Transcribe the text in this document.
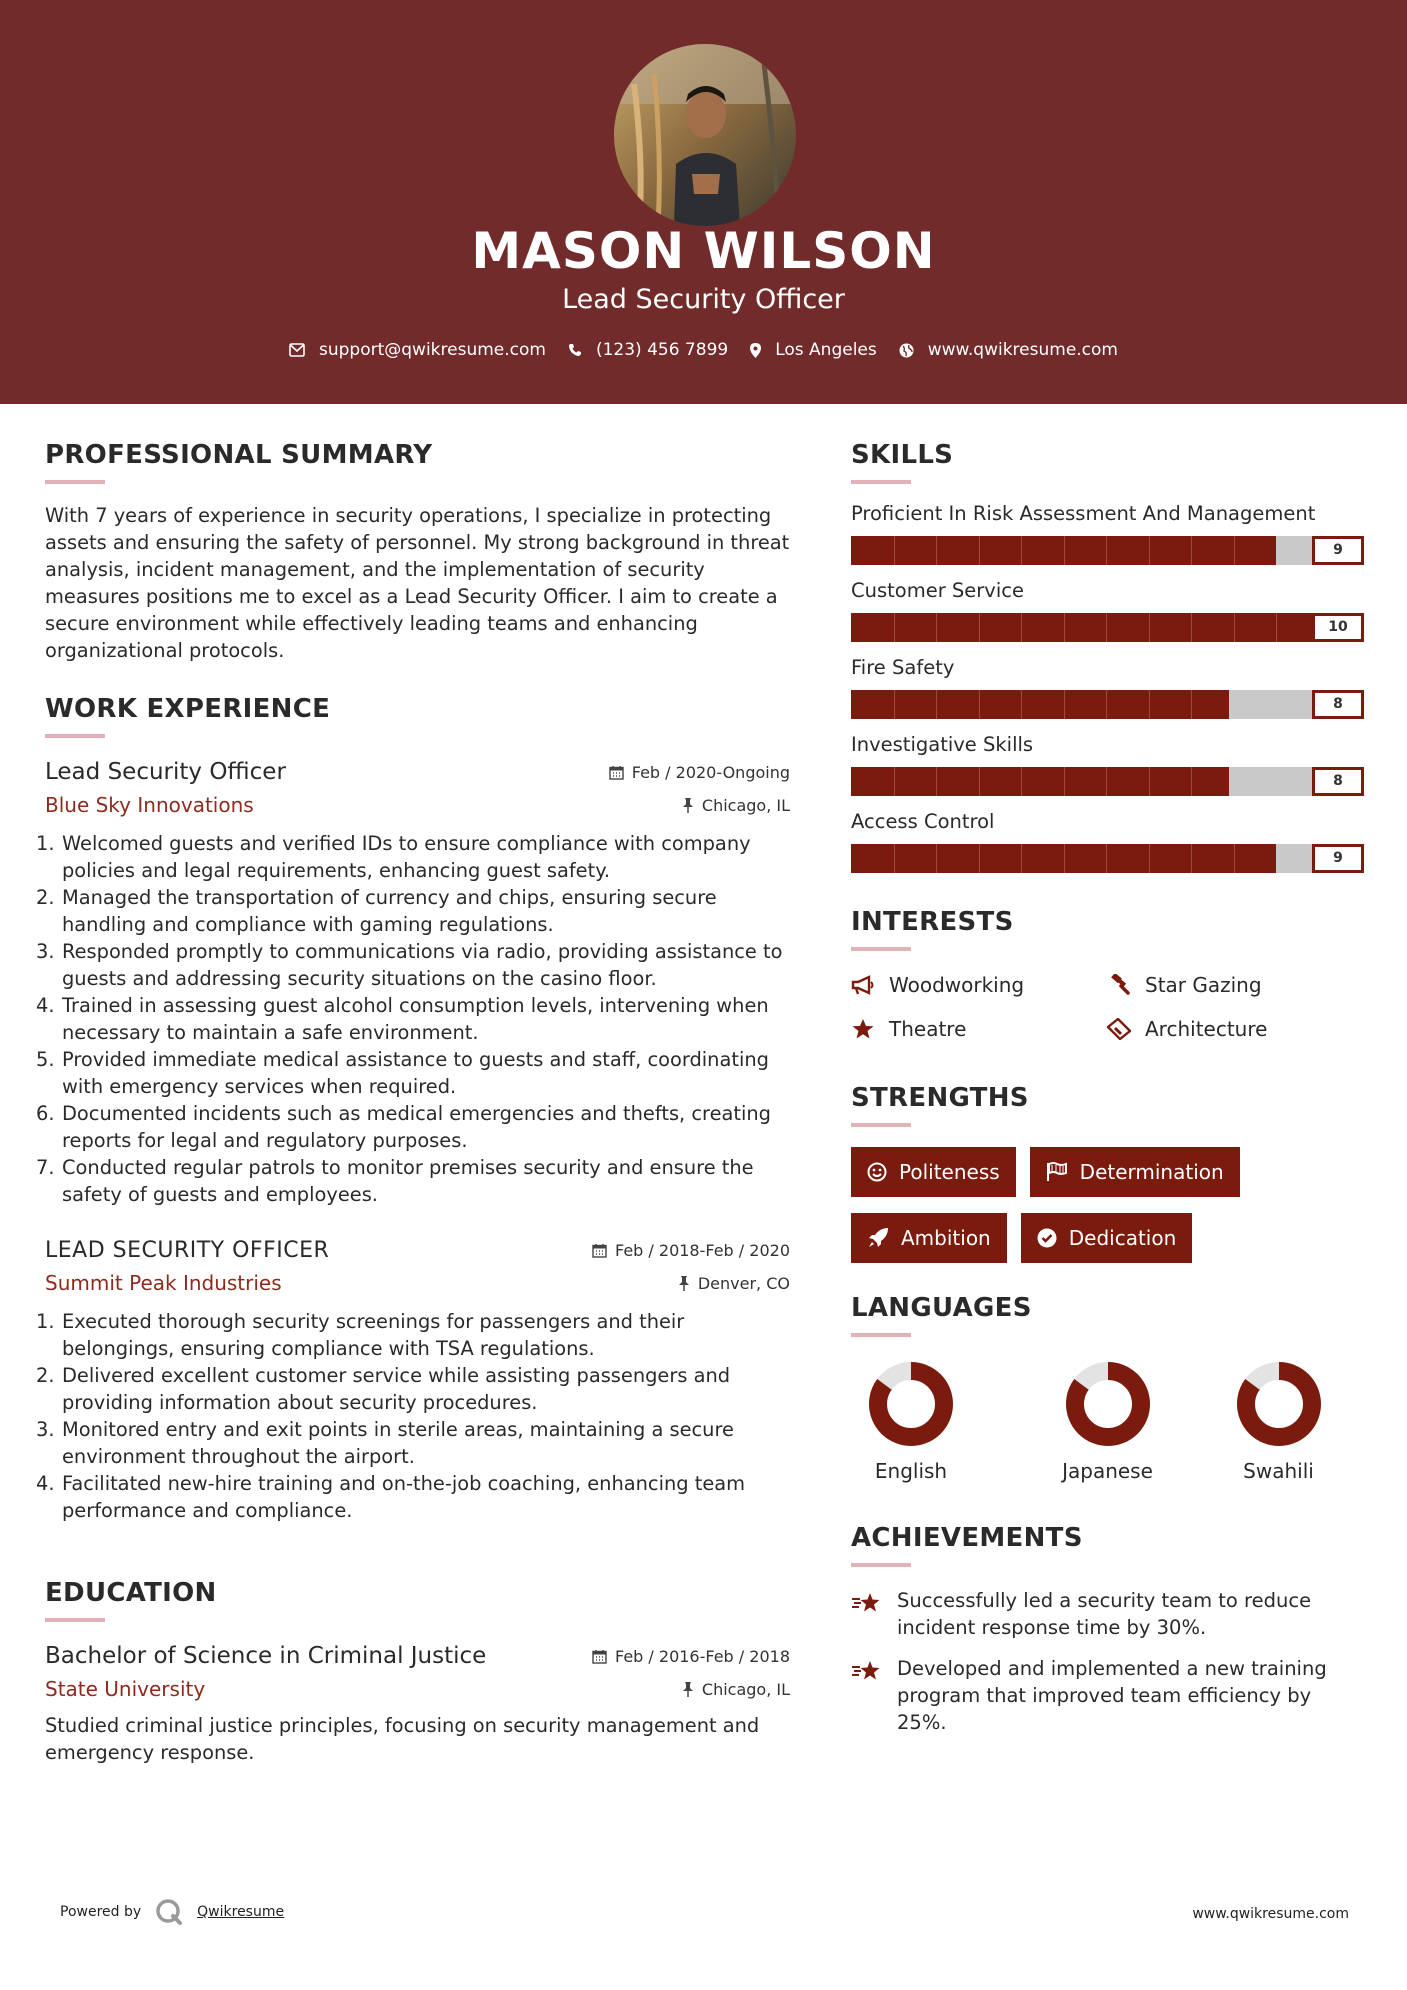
MASON WILSON
Lead Security Officer
support@qwikresume.com	(123) 456 7899	Los Angeles	www.qwikresume.com
PROFESSIONAL SUMMARY
With 7 years of experience in security operations, I specialize in protecting assets and ensuring the safety of personnel. My strong background in threat analysis, incident management, and the implementation of security measures positions me to excel as a Lead Security Officer. I aim to create a secure environment while effectively leading teams and enhancing organizational protocols.
WORK EXPERIENCE
Lead Security Officer	Feb / 2020-Ongoing
Blue Sky Innovations	Chicago, IL
1. Welcomed guests and verified IDs to ensure compliance with company policies and legal requirements, enhancing guest safety.
2. Managed the transportation of currency and chips, ensuring secure handling and compliance with gaming regulations.
3. Responded promptly to communications via radio, providing assistance to guests and addressing security situations on the casino floor.
4. Trained in assessing guest alcohol consumption levels, intervening when necessary to maintain a safe environment.
5. Provided immediate medical assistance to guests and staff, coordinating with emergency services when required.
6. Documented incidents such as medical emergencies and thefts, creating reports for legal and regulatory purposes.
7. Conducted regular patrols to monitor premises security and ensure the safety of guests and employees.
LEAD SECURITY OFFICER	Feb / 2018-Feb / 2020
Summit Peak Industries	Denver, CO
1. Executed thorough security screenings for passengers and their belongings, ensuring compliance with TSA regulations.
2. Delivered excellent customer service while assisting passengers and providing information about security procedures.
3. Monitored entry and exit points in sterile areas, maintaining a secure environment throughout the airport.
4. Facilitated new-hire training and on-the-job coaching, enhancing team performance and compliance.
EDUCATION
Bachelor of Science in Criminal Justice	Feb / 2016-Feb / 2018
State University	Chicago, IL
Studied criminal justice principles, focusing on security management and emergency response.
SKILLS
Proficient In Risk Assessment And Management
9
Customer Service
10
Fire Safety
8
Investigative Skills
8
Access Control
9
INTERESTS
Woodworking	Star Gazing
Theatre	Architecture
STRENGTHS
Politeness	Determination
Ambition	Dedication
LANGUAGES
English	Japanese	Swahili
ACHIEVEMENTS
Successfully led a security team to reduce incident response time by 30%.
Developed and implemented a new training program that improved team efficiency by 25%.
Powered by	Qwikresume	www.qwikresume.com
